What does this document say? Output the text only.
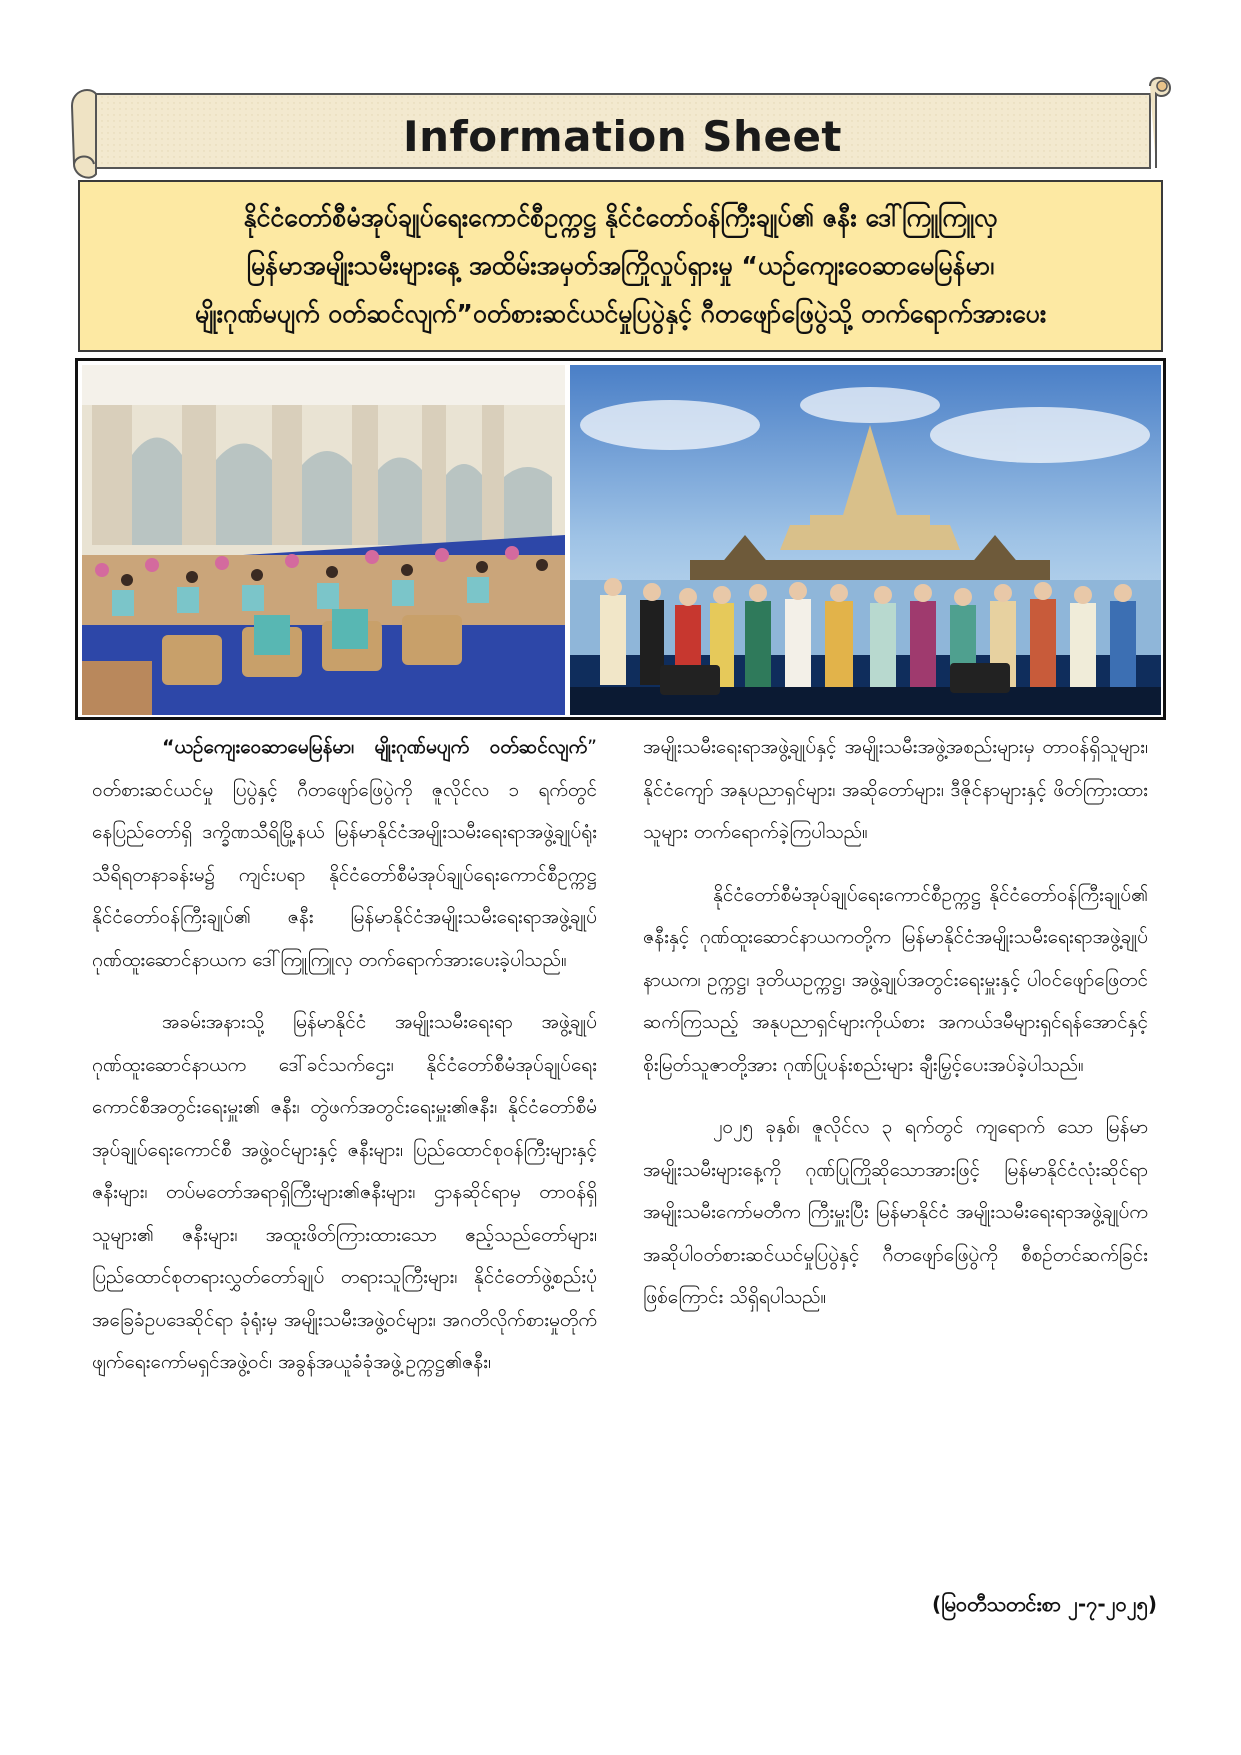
Information Sheet
နိုင်ငံတော်စီမံအုပ်ချုပ်ရေးကောင်စီဥက္ကဋ္ဌ နိုင်ငံတော်ဝန်ကြီးချုပ်၏ ဇနီး ဒေါ်ကြူကြူလှ
မြန်မာအမျိုးသမီးများနေ့ အထိမ်းအမှတ်အကြိုလှုပ်ရှားမှု “ယဉ်ကျေးဝေဆာမေမြန်မာ၊
မျိုးဂုဏ်မပျက် ဝတ်ဆင်လျက်”ဝတ်စားဆင်ယင်မှုပြပွဲနှင့် ဂီတဖျော်ဖြေပွဲသို့ တက်ရောက်အားပေး

“ယဉ်ကျေးဝေဆာမေမြန်မာ၊ မျိုးဂုဏ်မပျက် ဝတ်ဆင်လျက်” ဝတ်စားဆင်ယင်မှု ပြပွဲနှင့် ဂီတဖျော်ဖြေပွဲကို ဇူလိုင်လ ၁ ရက်တွင် နေပြည်တော်ရှိ ဒက္ခိဏသီရိမြို့နယ် မြန်မာနိုင်ငံအမျိုးသမီးရေးရာအဖွဲ့ချုပ်ရုံး သီရိရတနာခန်းမ၌ ကျင်းပရာ နိုင်ငံတော်စီမံအုပ်ချုပ်ရေးကောင်စီဥက္ကဋ္ဌ နိုင်ငံတော်ဝန်ကြီးချုပ်၏ ဇနီး မြန်မာနိုင်ငံအမျိုးသမီးရေးရာအဖွဲ့ချုပ် ဂုဏ်ထူးဆောင်နာယက ဒေါ်ကြူကြူလှ တက်ရောက်အားပေးခဲ့ပါသည်။

အခမ်းအနားသို့ မြန်မာနိုင်ငံ အမျိုးသမီးရေးရာ အဖွဲ့ချုပ် ဂုဏ်ထူးဆောင်နာယက ဒေါ်ခင်သက်ဌေး၊ နိုင်ငံတော်စီမံအုပ်ချုပ်ရေး ကောင်စီအတွင်းရေးမှူး၏ ဇနီး၊ တွဲဖက်အတွင်းရေးမှူး၏ဇနီး၊ နိုင်ငံတော်စီမံအုပ်ချုပ်ရေးကောင်စီ အဖွဲ့ဝင်များနှင့် ဇနီးများ၊ ပြည်ထောင်စုဝန်ကြီးများနှင့်ဇနီးများ၊ တပ်မတော်အရာရှိကြီးများ၏ဇနီးများ၊ ဌာနဆိုင်ရာမှ တာဝန်ရှိသူများ၏ ဇနီးများ၊ အထူးဖိတ်ကြားထားသော ဧည့်သည်တော်များ၊ ပြည်ထောင်စုတရားလွှတ်တော်ချုပ် တရားသူကြီးများ၊ နိုင်ငံတော်ဖွဲ့စည်းပုံအခြေခံဥပဒေဆိုင်ရာ ခုံရုံးမှ အမျိုးသမီးအဖွဲ့ဝင်များ၊ အဂတိလိုက်စားမှုတိုက်ဖျက်ရေးကော်မရှင်အဖွဲ့ဝင်၊ အခွန်အယူခံခုံအဖွဲ့ဥက္ကဋ္ဌ၏ဇနီး၊

အမျိုးသမီးရေးရာအဖွဲ့ချုပ်နှင့် အမျိုးသမီးအဖွဲ့အစည်းများမှ တာဝန်ရှိသူများ၊ နိုင်ငံကျော် အနုပညာရှင်များ၊ အဆိုတော်များ၊ ဒီဇိုင်နာများနှင့် ဖိတ်ကြားထားသူများ တက်ရောက်ခဲ့ကြပါသည်။

နိုင်ငံတော်စီမံအုပ်ချုပ်ရေးကောင်စီဥက္ကဋ္ဌ နိုင်ငံတော်ဝန်ကြီးချုပ်၏ ဇနီးနှင့် ဂုဏ်ထူးဆောင်နာယကတို့က မြန်မာနိုင်ငံအမျိုးသမီးရေးရာအဖွဲ့ချုပ် နာယက၊ ဥက္ကဋ္ဌ၊ ဒုတိယဥက္ကဋ္ဌ၊ အဖွဲ့ချုပ်အတွင်းရေးမှူးနှင့် ပါဝင်ဖျော်ဖြေတင်ဆက်ကြသည့် အနုပညာရှင်များကိုယ်စား အကယ်ဒမီများရှင်ရန်အောင်နှင့် စိုးမြတ်သူဇာတို့အား ဂုဏ်ပြုပန်းစည်းများ ချီးမြှင့်ပေးအပ်ခဲ့ပါသည်။

၂၀၂၅ ခုနှစ်၊ ဇူလိုင်လ ၃ ရက်တွင် ကျရောက် သော မြန်မာအမျိုးသမီးများနေ့ကို ဂုဏ်ပြုကြိုဆိုသောအားဖြင့် မြန်မာနိုင်ငံလုံးဆိုင်ရာ အမျိုးသမီးကော်မတီက ကြီးမှူးပြီး မြန်မာနိုင်ငံ အမျိုးသမီးရေးရာအဖွဲ့ချုပ်က အဆိုပါဝတ်စားဆင်ယင်မှုပြပွဲနှင့် ဂီတဖျော်ဖြေပွဲကို စီစဉ်တင်ဆက်ခြင်းဖြစ်ကြောင်း သိရှိရပါသည်။

(မြဝတီသတင်းစာ ၂-၇-၂၀၂၅)
